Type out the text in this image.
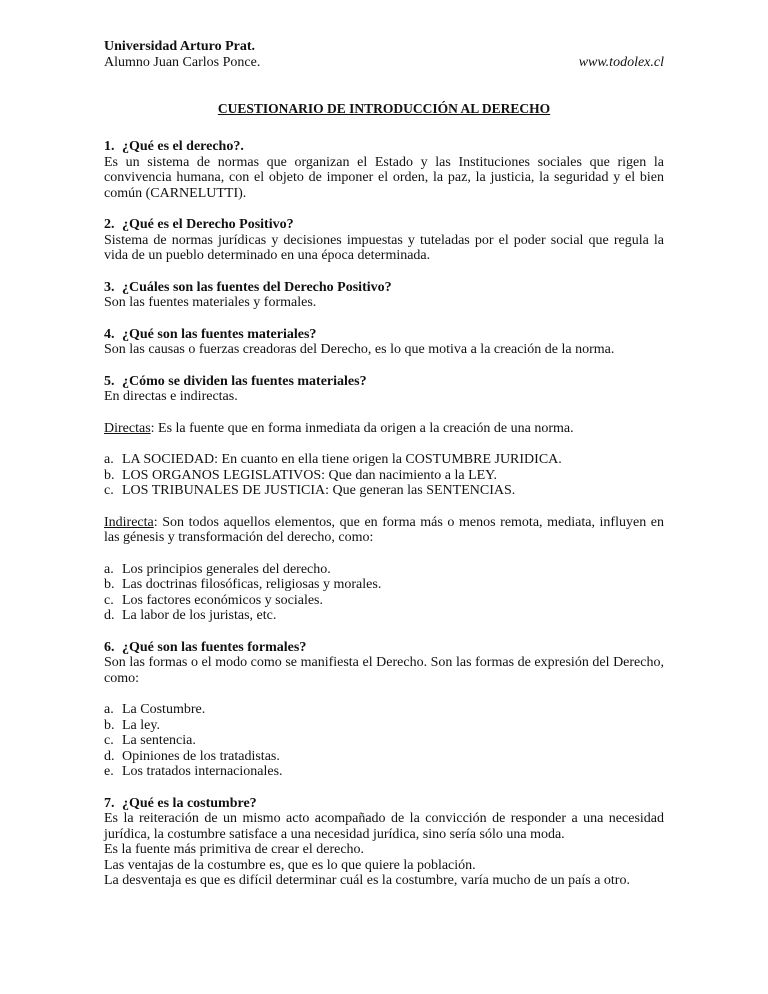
Universidad Arturo Prat.

Alumno Juan Carlos Ponce.	www.todolex.cl
CUESTIONARIO DE INTRODUCCIÓN AL DERECHO

1. ¿Qué es el derecho?.

Es un sistema de normas que organizan el Estado y las Instituciones sociales que rigen la convivencia humana, con el objeto de imponer el orden, la paz, la justicia, la seguridad y el bien común (CARNELUTTI).

2. ¿Qué es el Derecho Positivo?

Sistema de normas jurídicas y decisiones impuestas y tuteladas por el poder social que regula la vida de un pueblo determinado en una época determinada.

3. ¿Cuáles son las fuentes del Derecho Positivo?

Son las fuentes materiales y formales.

4. ¿Qué son las fuentes materiales?

Son las causas o fuerzas creadoras del Derecho, es lo que motiva a la creación de la norma.

5. ¿Cómo se dividen las fuentes materiales?

En directas e indirectas.

Directas: Es la fuente que en forma inmediata da origen a la creación de una norma.

a. LA SOCIEDAD: En cuanto en ella tiene origen la COSTUMBRE JURIDICA.
b. LOS ORGANOS LEGISLATIVOS: Que dan nacimiento a la LEY.
c. LOS TRIBUNALES DE JUSTICIA: Que generan las SENTENCIAS.

Indirecta: Son todos aquellos elementos, que en forma más o menos remota, mediata, influyen en las génesis y transformación del derecho, como:

a. Los principios generales del derecho.
b. Las doctrinas filosóficas, religiosas y morales.
c. Los factores económicos y sociales.
d. La labor de los juristas, etc.

6. ¿Qué son las fuentes formales?

Son las formas o el modo como se manifiesta el Derecho. Son las formas de expresión del Derecho, como:

a. La Costumbre.
b. La ley.
c. La sentencia.
d. Opiniones de los tratadistas.
e. Los tratados internacionales.

7. ¿Qué es la costumbre?

Es la reiteración de un mismo acto acompañado de la convicción de responder a una necesidad jurídica, la costumbre satisface a una necesidad jurídica, sino sería sólo una moda.

Es la fuente más primitiva de crear el derecho.

Las ventajas de la costumbre es, que es lo que quiere la población.

La desventaja es que es difícil determinar cuál es la costumbre, varía mucho de un país a otro.
